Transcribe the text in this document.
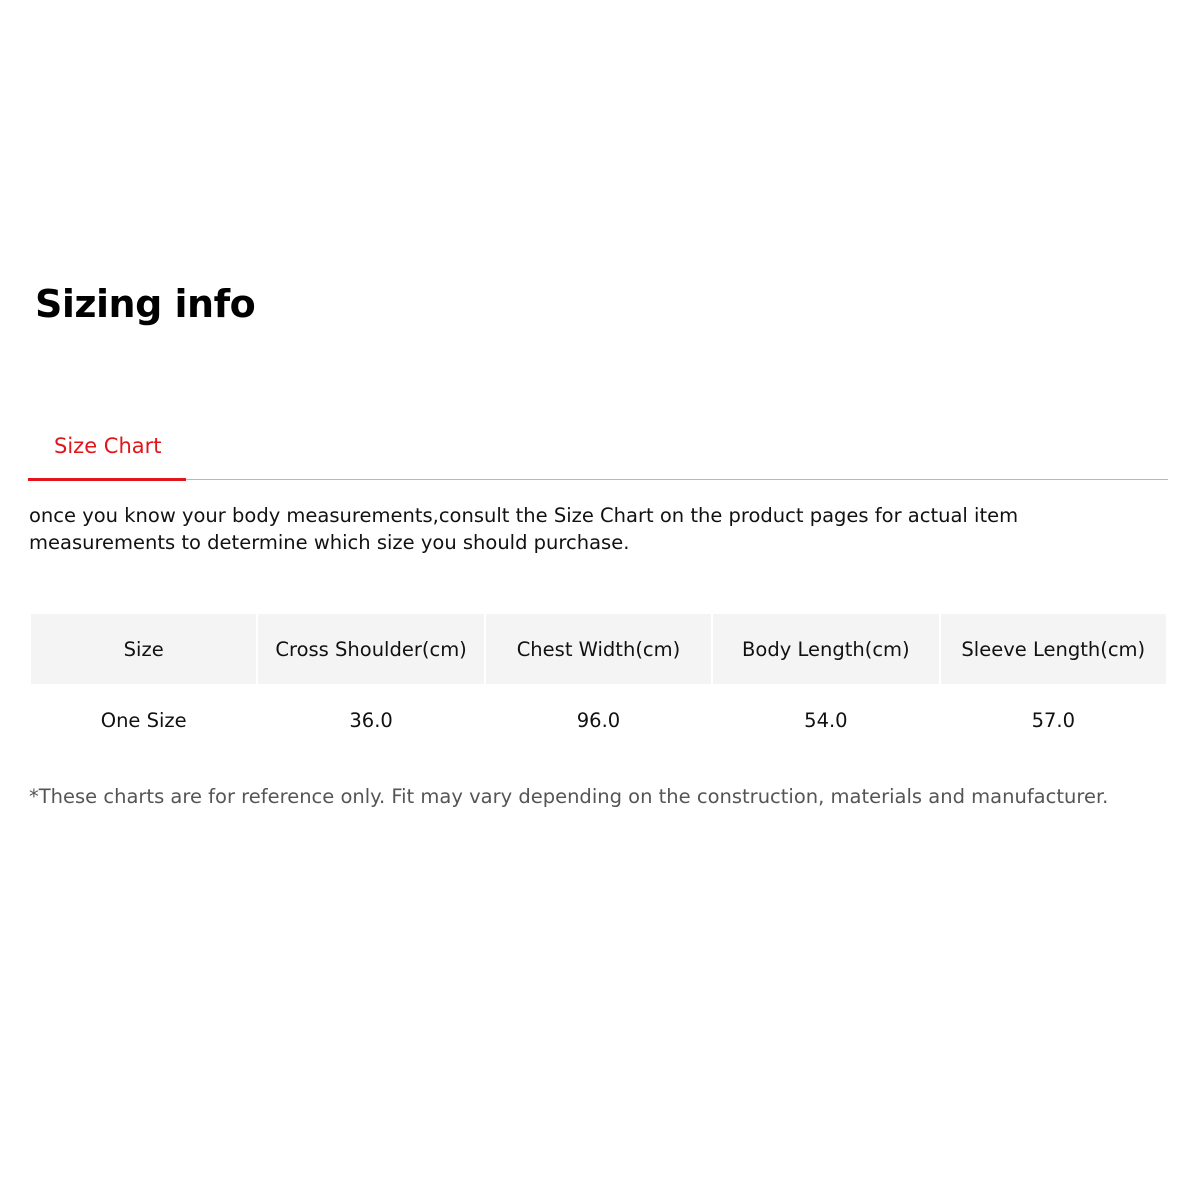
Sizing info
Size Chart

once you know your body measurements,consult the Size Chart on the product pages for actual item measurements to determine which size you should purchase.

Size	Cross Shoulder(cm)	Chest Width(cm)	Body Length(cm)	Sleeve Length(cm)
One Size	36.0	96.0	54.0	57.0

*These charts are for reference only. Fit may vary depending on the construction, materials and manufacturer.
